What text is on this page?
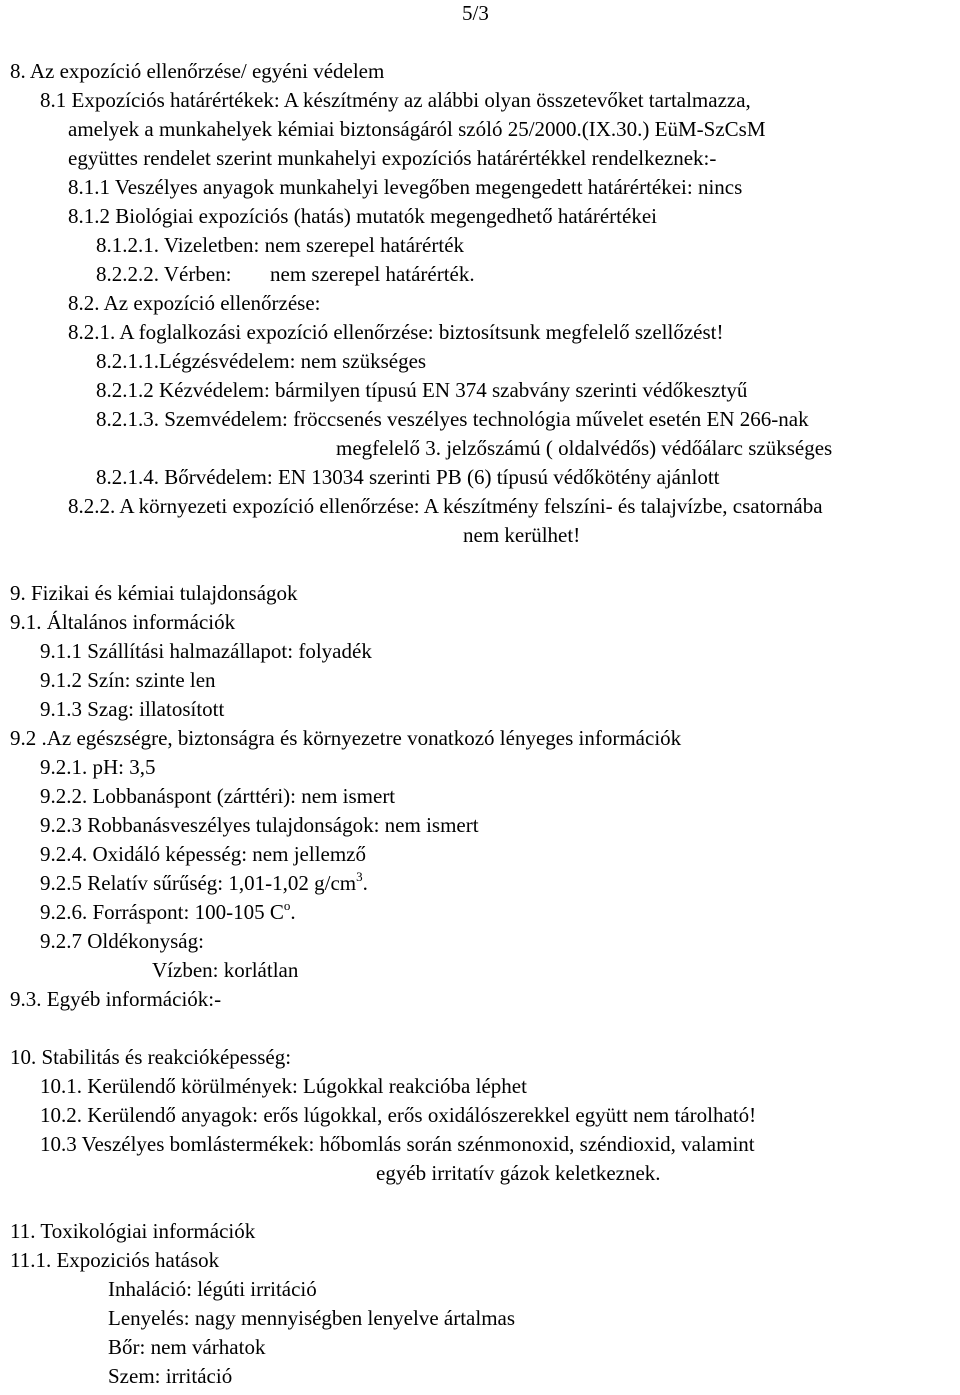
5/3
8. Az expozíció ellenőrzése/ egyéni védelem
8.1 Expozíciós határértékek: A készítmény az alábbi olyan összetevőket tartalmazza,
amelyek a munkahelyek kémiai biztonságáról szóló 25/2000.(IX.30.) EüM-SzCsM
együttes rendelet szerint munkahelyi expozíciós határértékkel rendelkeznek:-
8.1.1 Veszélyes anyagok munkahelyi levegőben megengedett határértékei: nincs
8.1.2 Biológiai expozíciós (hatás) mutatók megengedhető határértékei
8.1.2.1. Vizeletben: nem szerepel határérték
8.2.2.2. Vérben: nem szerepel határérték.
8.2. Az expozíció ellenőrzése:
8.2.1. A foglalkozási expozíció ellenőrzése: biztosítsunk megfelelő szellőzést!
8.2.1.1.Légzésvédelem: nem szükséges
8.2.1.2 Kézvédelem: bármilyen típusú EN 374 szabvány szerinti védőkesztyű
8.2.1.3. Szemvédelem: fröccsenés veszélyes technológia művelet esetén EN 266-nak
megfelelő 3. jelzőszámú ( oldalvédős) védőálarc szükséges
8.2.1.4. Bőrvédelem: EN 13034 szerinti PB (6) típusú védőkötény ajánlott
8.2.2. A környezeti expozíció ellenőrzése: A készítmény felszíni- és talajvízbe, csatornába
nem kerülhet!
9. Fizikai és kémiai tulajdonságok
9.1. Általános információk
9.1.1 Szállítási halmazállapot: folyadék
9.1.2 Szín: szinte len
9.1.3 Szag: illatosított
9.2 .Az egészségre, biztonságra és környezetre vonatkozó lényeges információk
9.2.1. pH: 3,5
9.2.2. Lobbanáspont (zárttéri): nem ismert
9.2.3 Robbanásveszélyes tulajdonságok: nem ismert
9.2.4. Oxidáló képesség: nem jellemző
9.2.5 Relatív sűrűség: 1,01-1,02 $g/cm^3$.
9.2.6. Forráspont: 100-105 $C^o$.
9.2.7 Oldékonyság:
Vízben: korlátlan
9.3. Egyéb információk:-
10. Stabilitás és reakcióképesség:
10.1. Kerülendő körülmények: Lúgokkal reakcióba léphet
10.2. Kerülendő anyagok: erős lúgokkal, erős oxidálószerekkel együtt nem tárolható!
10.3 Veszélyes bomlástermékek: hőbomlás során szénmonoxid, széndioxid, valamint
egyéb irritatív gázok keletkeznek.
11. Toxikológiai információk
11.1. Expoziciós hatások
Inhaláció: légúti irritáció
Lenyelés: nagy mennyiségben lenyelve ártalmas
Bőr: nem várhatok
Szem: irritáció
